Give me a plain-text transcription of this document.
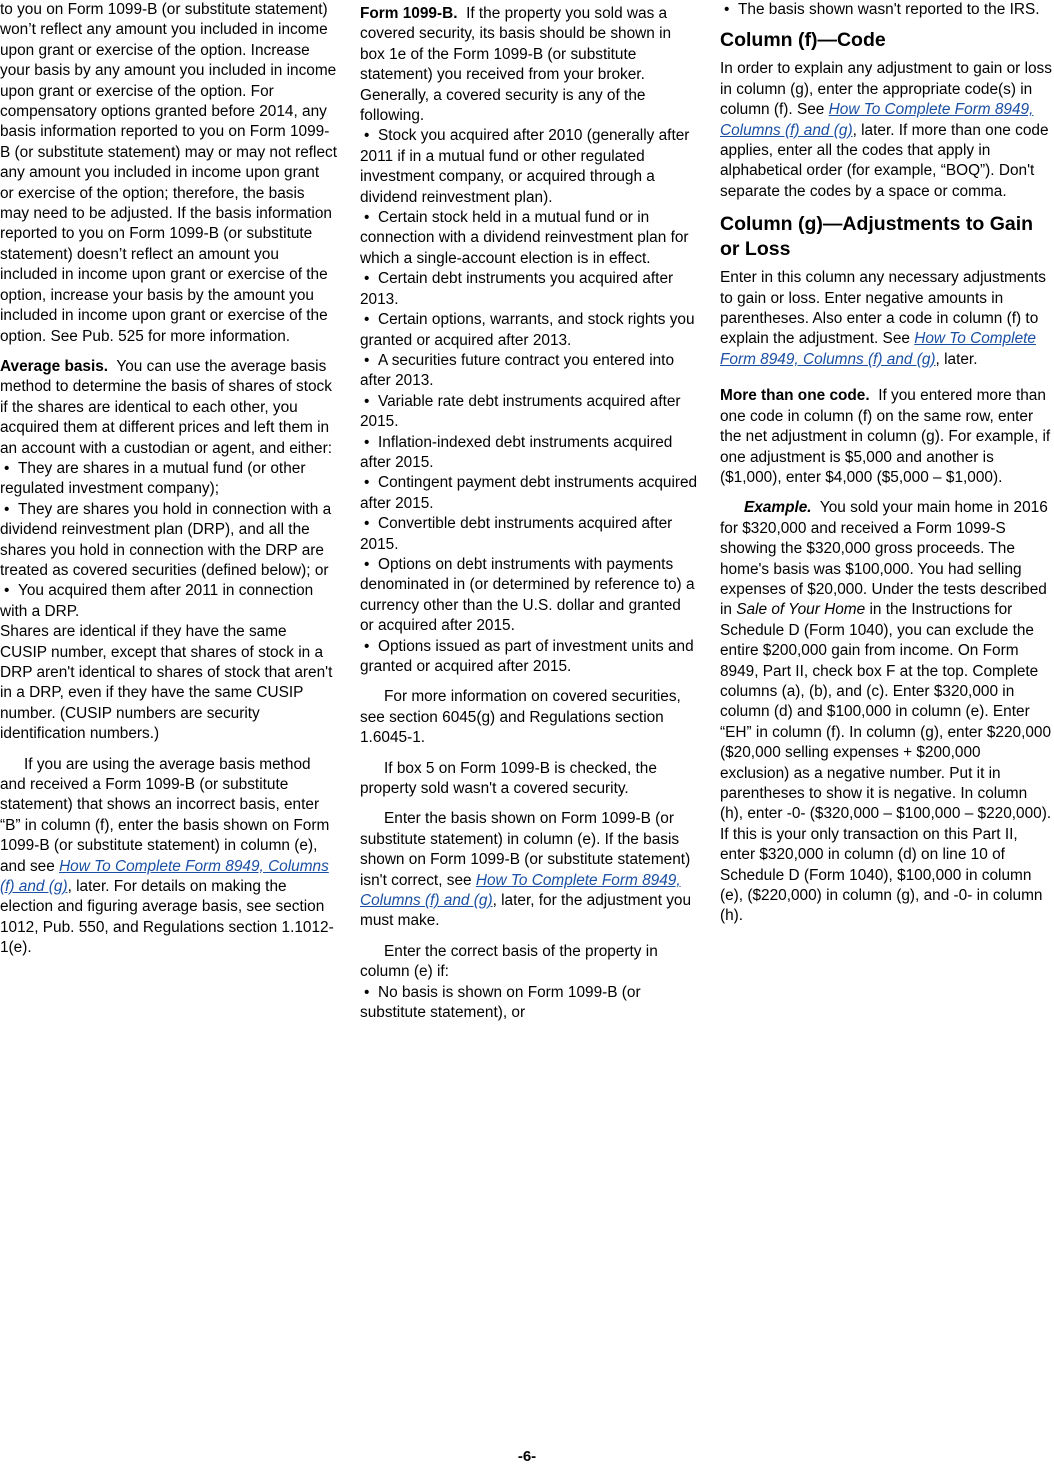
to you on Form 1099-B (or substitute statement) won’t reflect any amount you included in income upon grant or exercise of the option. Increase your basis by any amount you included in income upon grant or exercise of the option. For compensatory options granted before 2014, any basis information reported to you on Form 1099-B (or substitute statement) may or may not reflect any amount you included in income upon grant or exercise of the option; therefore, the basis may need to be adjusted. If the basis information reported to you on Form 1099-B (or substitute statement) doesn’t reflect an amount you included in income upon grant or exercise of the option, increase your basis by the amount you included in income upon grant or exercise of the option. See Pub. 525 for more information.

Average basis. You can use the average basis method to determine the basis of shares of stock if the shares are identical to each other, you acquired them at different prices and left them in an account with a custodian or agent, and either:

• They are shares in a mutual fund (or other regulated investment company);
• They are shares you hold in connection with a dividend reinvestment plan (DRP), and all the shares you hold in connection with the DRP are treated as covered securities (defined below); or
• You acquired them after 2011 in connection with a DRP.

Shares are identical if they have the same CUSIP number, except that shares of stock in a DRP aren't identical to shares of stock that aren't in a DRP, even if they have the same CUSIP number. (CUSIP numbers are security identification numbers.)

If you are using the average basis method and received a Form 1099-B (or substitute statement) that shows an incorrect basis, enter “B” in column (f), enter the basis shown on Form 1099-B (or substitute statement) in column (e), and see How To Complete Form 8949, Columns (f) and (g), later. For details on making the election and figuring average basis, see section 1012, Pub. 550, and Regulations section 1.1012-1(e).

Form 1099-B. If the property you sold was a covered security, its basis should be shown in box 1e of the Form 1099-B (or substitute statement) you received from your broker. Generally, a covered security is any of the following.

• Stock you acquired after 2010 (generally after 2011 if in a mutual fund or other regulated investment company, or acquired through a dividend reinvestment plan).
• Certain stock held in a mutual fund or in connection with a dividend reinvestment plan for which a single-account election is in effect.
• Certain debt instruments you acquired after 2013.
• Certain options, warrants, and stock rights you granted or acquired after 2013.
• A securities future contract you entered into after 2013.
• Variable rate debt instruments acquired after 2015.
• Inflation-indexed debt instruments acquired after 2015.
• Contingent payment debt instruments acquired after 2015.
• Convertible debt instruments acquired after 2015.
• Options on debt instruments with payments denominated in (or determined by reference to) a currency other than the U.S. dollar and granted or acquired after 2015.
• Options issued as part of investment units and granted or acquired after 2015.

For more information on covered securities, see section 6045(g) and Regulations section 1.6045-1.

If box 5 on Form 1099-B is checked, the property sold wasn't a covered security.

Enter the basis shown on Form 1099-B (or substitute statement) in column (e). If the basis shown on Form 1099-B (or substitute statement) isn't correct, see How To Complete Form 8949, Columns (f) and (g), later, for the adjustment you must make.

Enter the correct basis of the property in column (e) if:

• No basis is shown on Form 1099-B (or substitute statement), or
• The basis shown wasn't reported to the IRS.
Column (f)—Code

In order to explain any adjustment to gain or loss in column (g), enter the appropriate code(s) in column (f). See How To Complete Form 8949, Columns (f) and (g), later. If more than one code applies, enter all the codes that apply in alphabetical order (for example, “BOQ”). Don't separate the codes by a space or comma.

Column (g)—Adjustments to Gain or Loss

Enter in this column any necessary adjustments to gain or loss. Enter negative amounts in parentheses. Also enter a code in column (f) to explain the adjustment. See How To Complete Form 8949, Columns (f) and (g), later.

More than one code. If you entered more than one code in column (f) on the same row, enter the net adjustment in column (g). For example, if one adjustment is $5,000 and another is ($1,000), enter $4,000 ($5,000 – $1,000).

Example. You sold your main home in 2016 for $320,000 and received a Form 1099-S showing the $320,000 gross proceeds. The home's basis was $100,000. You had selling expenses of $20,000. Under the tests described in Sale of Your Home in the Instructions for Schedule D (Form 1040), you can exclude the entire $200,000 gain from income. On Form 8949, Part II, check box F at the top. Complete columns (a), (b), and (c). Enter $320,000 in column (d) and $100,000 in column (e). Enter “EH” in column (f). In column (g), enter $220,000 ($20,000 selling expenses + $200,000 exclusion) as a negative number. Put it in parentheses to show it is negative. In column (h), enter -0- ($320,000 – $100,000 – $220,000). If this is your only transaction on this Part II, enter $320,000 in column (d) on line 10 of Schedule D (Form 1040), $100,000 in column (e), ($220,000) in column (g), and -0- in column (h).

-6-
